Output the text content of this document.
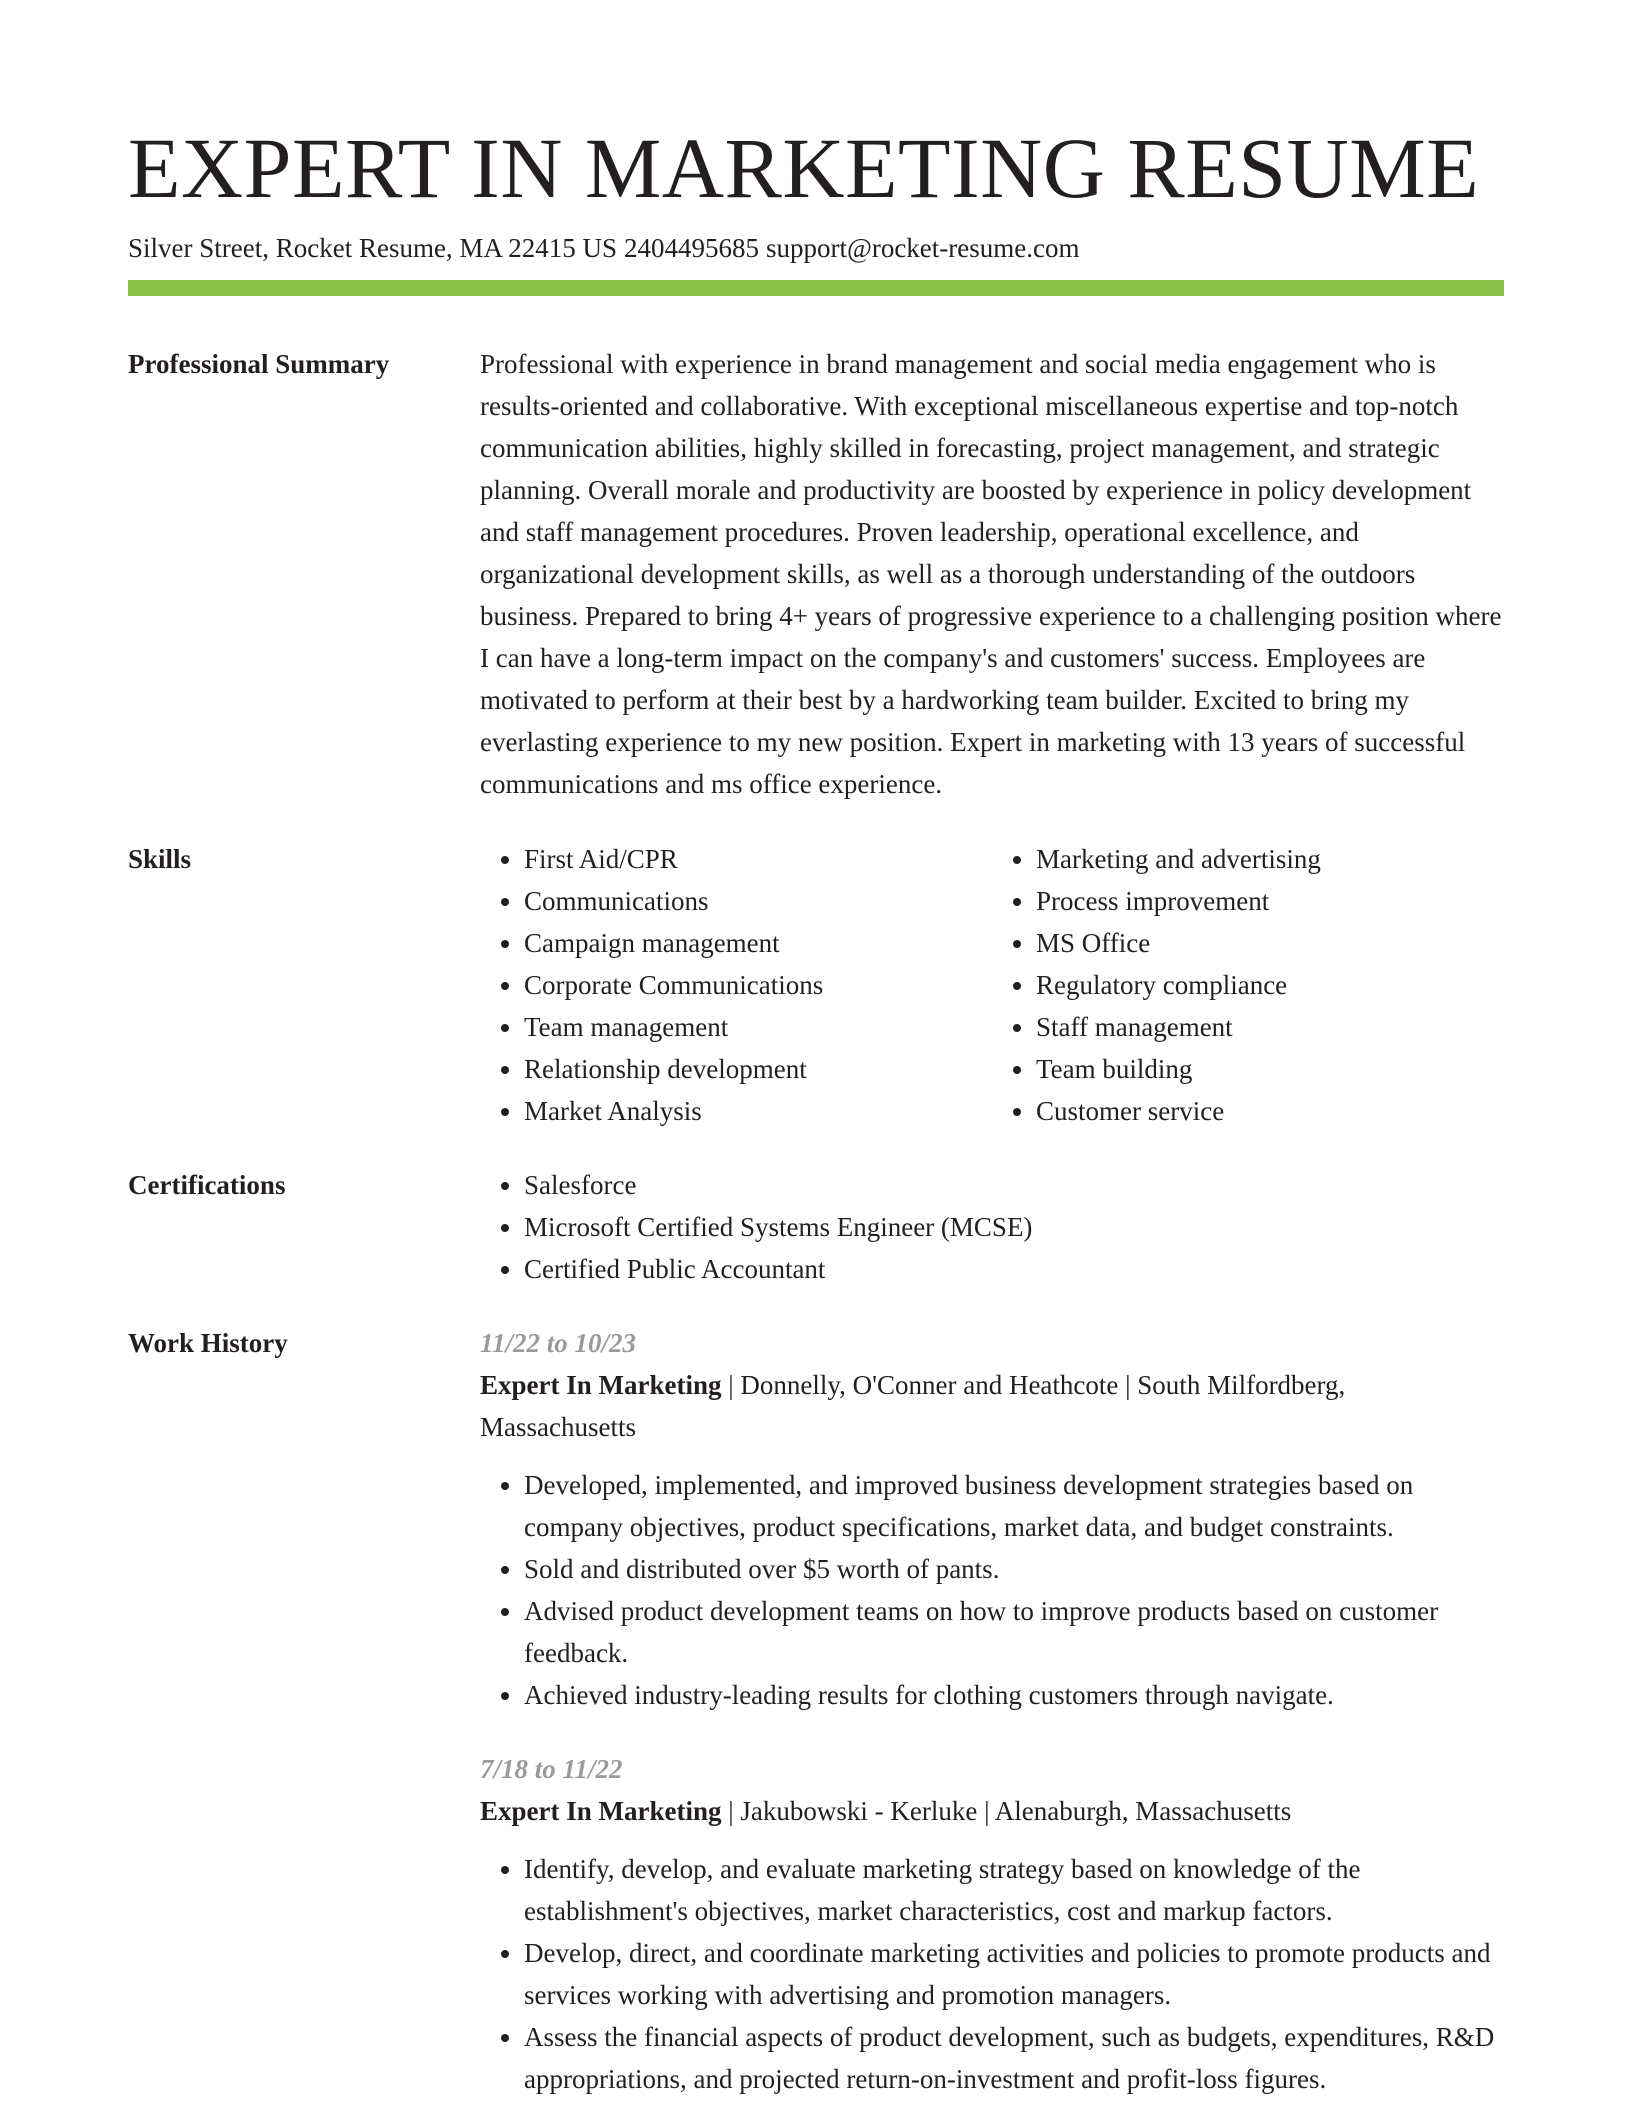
EXPERT IN MARKETING RESUME
Silver Street, Rocket Resume, MA 22415 US 2404495685 support@rocket-resume.com
Professional Summary	Professional with experience in brand management and social media engagement who is results-oriented and collaborative. With exceptional miscellaneous expertise and top-notch communication abilities, highly skilled in forecasting, project management, and strategic planning. Overall morale and productivity are boosted by experience in policy development and staff management procedures. Proven leadership, operational excellence, and organizational development skills, as well as a thorough understanding of the outdoors business. Prepared to bring 4+ years of progressive experience to a challenging position where I can have a long-term impact on the company's and customers' success. Employees are motivated to perform at their best by a hardworking team builder. Excited to bring my everlasting experience to my new position. Expert in marketing with 13 years of successful communications and ms office experience.

Skills	• First Aid/CPR
• Communications
• Campaign management
• Corporate Communications
• Team management
• Relationship development
• Market Analysis
• Marketing and advertising
• Process improvement
• MS Office
• Regulatory compliance
• Staff management
• Team building
• Customer service
Certifications	• Salesforce
• Microsoft Certified Systems Engineer (MCSE)
• Certified Public Accountant
Work History	11/22 to 10/23
Expert In Marketing | Donnelly, O'Conner and Heathcote | South Milfordberg, Massachusetts
• Developed, implemented, and improved business development strategies based on company objectives, product specifications, market data, and budget constraints.
• Sold and distributed over $5 worth of pants.
• Advised product development teams on how to improve products based on customer feedback.
• Achieved industry-leading results for clothing customers through navigate.
7/18 to 11/22
Expert In Marketing | Jakubowski - Kerluke | Alenaburgh, Massachusetts
• Identify, develop, and evaluate marketing strategy based on knowledge of the establishment's objectives, market characteristics, cost and markup factors.
• Develop, direct, and coordinate marketing activities and policies to promote products and services working with advertising and promotion managers.
• Assess the financial aspects of product development, such as budgets, expenditures, R&D appropriations, and projected return-on-investment and profit-loss figures.
